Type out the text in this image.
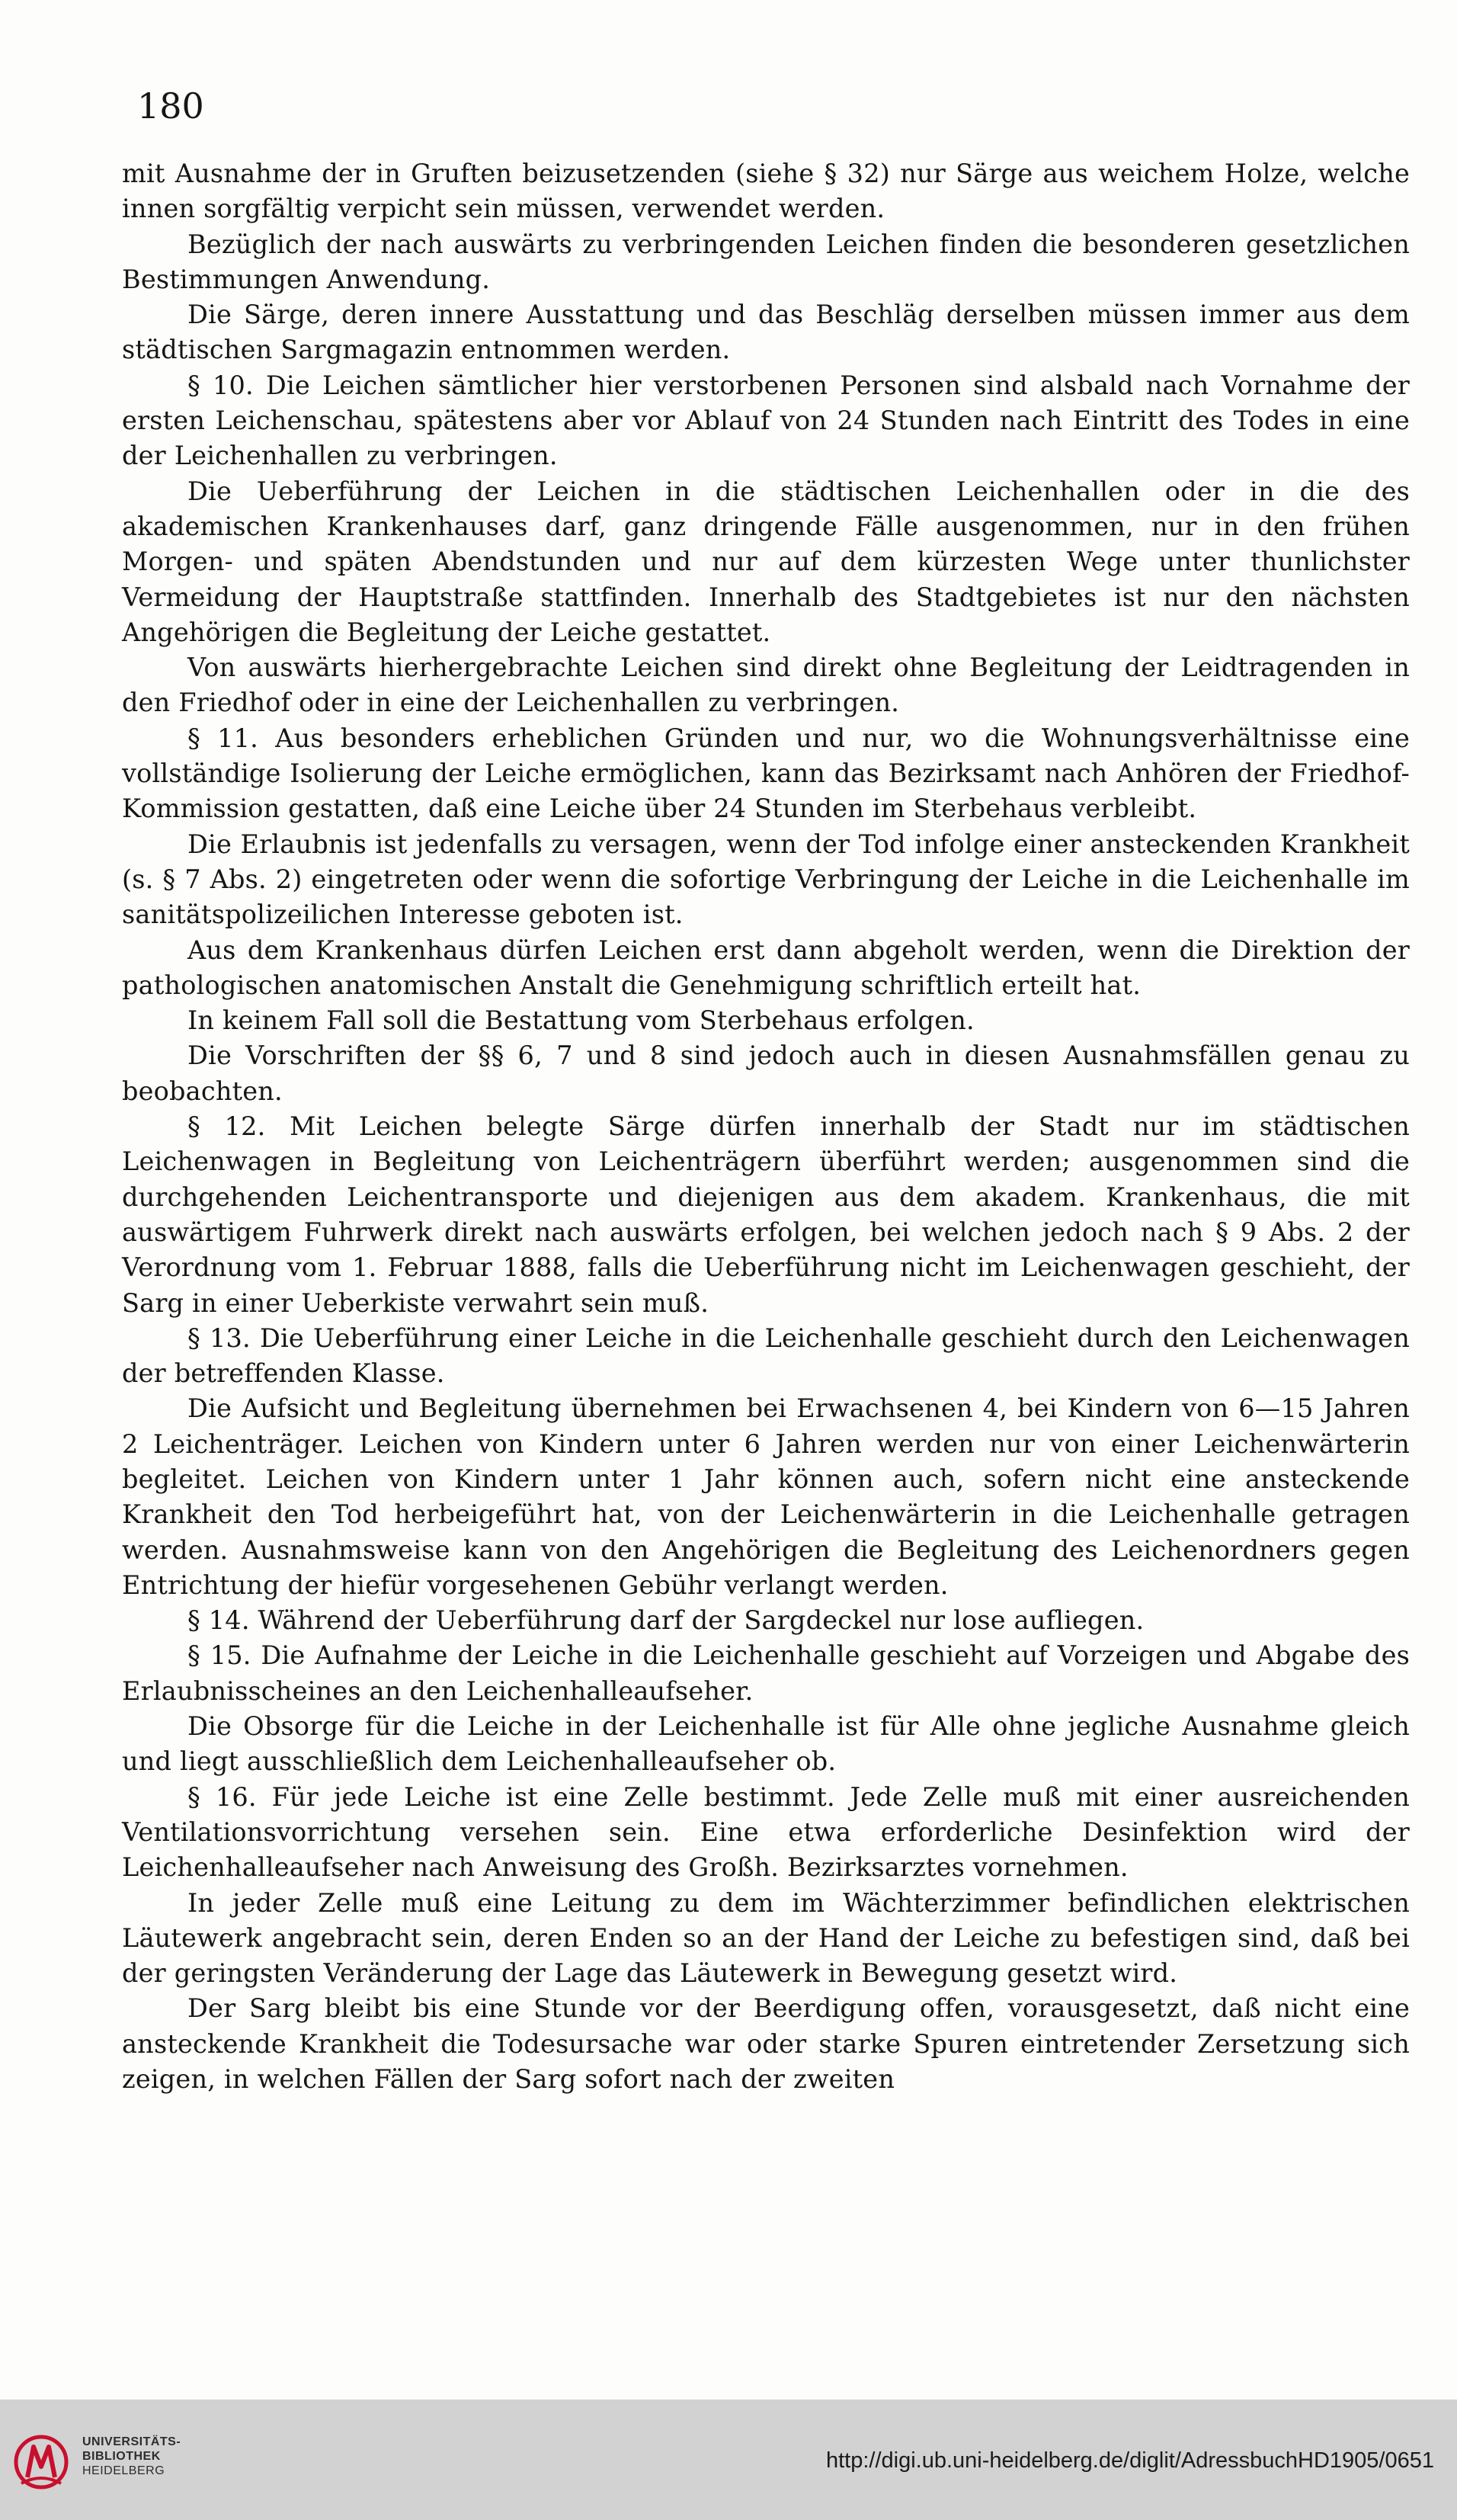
180

mit Ausnahme der in Gruften beizusetzenden (siehe § 32) nur Särge aus weichem Holze, welche innen sorgfältig verpicht sein müssen, verwendet werden.

Bezüglich der nach auswärts zu verbringenden Leichen finden die besonderen gesetzlichen Bestimmungen Anwendung.

Die Särge, deren innere Ausstattung und das Beschläg derselben müssen immer aus dem städtischen Sargmagazin entnommen werden.

§ 10. Die Leichen sämtlicher hier verstorbenen Personen sind alsbald nach Vornahme der ersten Leichenschau, spätestens aber vor Ablauf von 24 Stunden nach Eintritt des Todes in eine der Leichenhallen zu verbringen.

Die Ueberführung der Leichen in die städtischen Leichenhallen oder in die des akademischen Krankenhauses darf, ganz dringende Fälle ausgenommen, nur in den frühen Morgen- und späten Abendstunden und nur auf dem kürzesten Wege unter thunlichster Vermeidung der Hauptstraße stattfinden. Innerhalb des Stadtgebietes ist nur den nächsten Angehörigen die Begleitung der Leiche gestattet.

Von auswärts hierhergebrachte Leichen sind direkt ohne Begleitung der Leidtragenden in den Friedhof oder in eine der Leichenhallen zu verbringen.

§ 11. Aus besonders erheblichen Gründen und nur, wo die Wohnungsverhältnisse eine vollständige Isolierung der Leiche ermöglichen, kann das Bezirksamt nach Anhören der Friedhof-Kommission gestatten, daß eine Leiche über 24 Stunden im Sterbehaus verbleibt.

Die Erlaubnis ist jedenfalls zu versagen, wenn der Tod infolge einer ansteckenden Krankheit (s. § 7 Abs. 2) eingetreten oder wenn die sofortige Verbringung der Leiche in die Leichenhalle im sanitätspolizeilichen Interesse geboten ist.

Aus dem Krankenhaus dürfen Leichen erst dann abgeholt werden, wenn die Direktion der pathologischen anatomischen Anstalt die Genehmigung schriftlich erteilt hat.

In keinem Fall soll die Bestattung vom Sterbehaus erfolgen.

Die Vorschriften der §§ 6, 7 und 8 sind jedoch auch in diesen Ausnahmsfällen genau zu beobachten.

§ 12. Mit Leichen belegte Särge dürfen innerhalb der Stadt nur im städtischen Leichenwagen in Begleitung von Leichenträgern überführt werden; ausgenommen sind die durchgehenden Leichentransporte und diejenigen aus dem akadem. Krankenhaus, die mit auswärtigem Fuhrwerk direkt nach auswärts erfolgen, bei welchen jedoch nach § 9 Abs. 2 der Verordnung vom 1. Februar 1888, falls die Ueberführung nicht im Leichenwagen geschieht, der Sarg in einer Ueberkiste verwahrt sein muß.

§ 13. Die Ueberführung einer Leiche in die Leichenhalle geschieht durch den Leichenwagen der betreffenden Klasse.

Die Aufsicht und Begleitung übernehmen bei Erwachsenen 4, bei Kindern von 6—15 Jahren 2 Leichenträger. Leichen von Kindern unter 6 Jahren werden nur von einer Leichenwärterin begleitet. Leichen von Kindern unter 1 Jahr können auch, sofern nicht eine ansteckende Krankheit den Tod herbeigeführt hat, von der Leichenwärterin in die Leichenhalle getragen werden. Ausnahmsweise kann von den Angehörigen die Begleitung des Leichenordners gegen Entrichtung der hiefür vorgesehenen Gebühr verlangt werden.

§ 14. Während der Ueberführung darf der Sargdeckel nur lose aufliegen.

§ 15. Die Aufnahme der Leiche in die Leichenhalle geschieht auf Vorzeigen und Abgabe des Erlaubnisscheines an den Leichenhalleaufseher.

Die Obsorge für die Leiche in der Leichenhalle ist für Alle ohne jegliche Ausnahme gleich und liegt ausschließlich dem Leichenhalleaufseher ob.

§ 16. Für jede Leiche ist eine Zelle bestimmt. Jede Zelle muß mit einer ausreichenden Ventilationsvorrichtung versehen sein. Eine etwa erforderliche Desinfektion wird der Leichenhalleaufseher nach Anweisung des Großh. Bezirksarztes vornehmen.

In jeder Zelle muß eine Leitung zu dem im Wächterzimmer befindlichen elektrischen Läutewerk angebracht sein, deren Enden so an der Hand der Leiche zu befestigen sind, daß bei der geringsten Veränderung der Lage das Läutewerk in Bewegung gesetzt wird.

Der Sarg bleibt bis eine Stunde vor der Beerdigung offen, vorausgesetzt, daß nicht eine ansteckende Krankheit die Todesursache war oder starke Spuren eintretender Zersetzung sich zeigen, in welchen Fällen der Sarg sofort nach der zweiten

UNIVERSITÄTS-
BIBLIOTHEK
HEIDELBERG	http://digi.ub.uni-heidelberg.de/diglit/AdressbuchHD1905/0651
